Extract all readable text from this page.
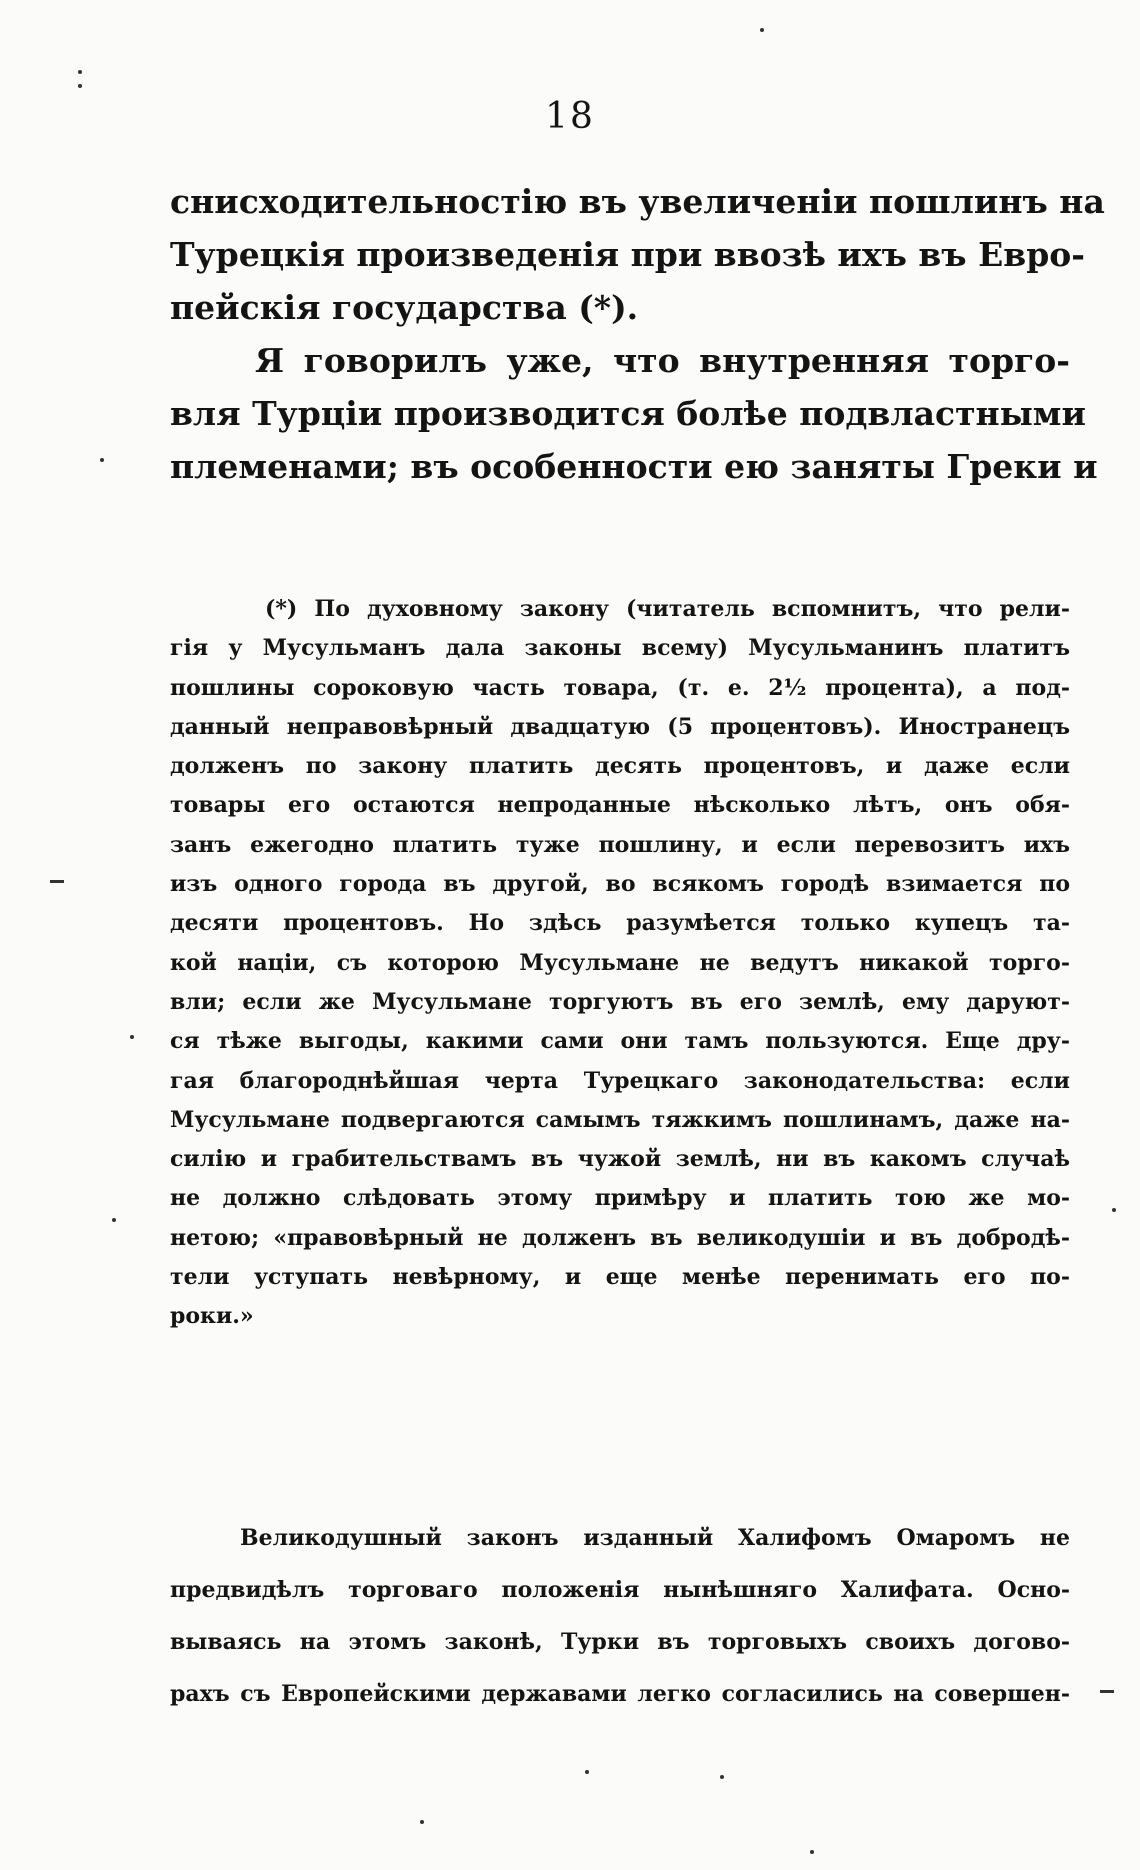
18
снисходительностію въ увеличеніи пошлинъ на
Турецкія произведенія при ввозѣ ихъ въ Евро-
пейскія государства (*).
Я говорилъ уже, что внутренняя торго-
вля Турціи производится болѣе подвластными
племенами; въ особенности ею заняты Греки и
(*) По духовному закону (читатель вспомнитъ, что рели-
гія у Мусульманъ дала законы всему) Мусульманинъ платитъ
пошлины сороковую часть товара, (т. е. 2½ процента), а под-
данный неправовѣрный двадцатую (5 процентовъ). Иностранецъ
долженъ по закону платить десять процентовъ, и даже если
товары его остаются непроданные нѣсколько лѣтъ, онъ обя-
занъ ежегодно платить туже пошлину, и если перевозитъ ихъ
изъ одного города въ другой, во всякомъ городѣ взимается по
десяти процентовъ. Но здѣсь разумѣется только купецъ та-
кой націи, съ которою Мусульмане не ведутъ никакой торго-
вли; если же Мусульмане торгуютъ въ его землѣ, ему даруют-
ся тѣже выгоды, какими сами они тамъ пользуются. Еще дру-
гая благороднѣйшая черта Турецкаго законодательства: если
Мусульмане подвергаются самымъ тяжкимъ пошлинамъ, даже на-
силію и грабительствамъ въ чужой землѣ, ни въ какомъ случаѣ
не должно слѣдовать этому примѣру и платить тою же мо-
нетою; «правовѣрный не долженъ въ великодушіи и въ добродѣ-
тели уступать невѣрному, и еще менѣе перенимать его по-
роки.»
Великодушный законъ изданный Халифомъ Омаромъ не
предвидѣлъ торговаго положенія нынѣшняго Халифата. Осно-
вываясь на этомъ законѣ, Турки въ торговыхъ своихъ догово-
рахъ съ Европейскими державами легко согласились на совершен-
